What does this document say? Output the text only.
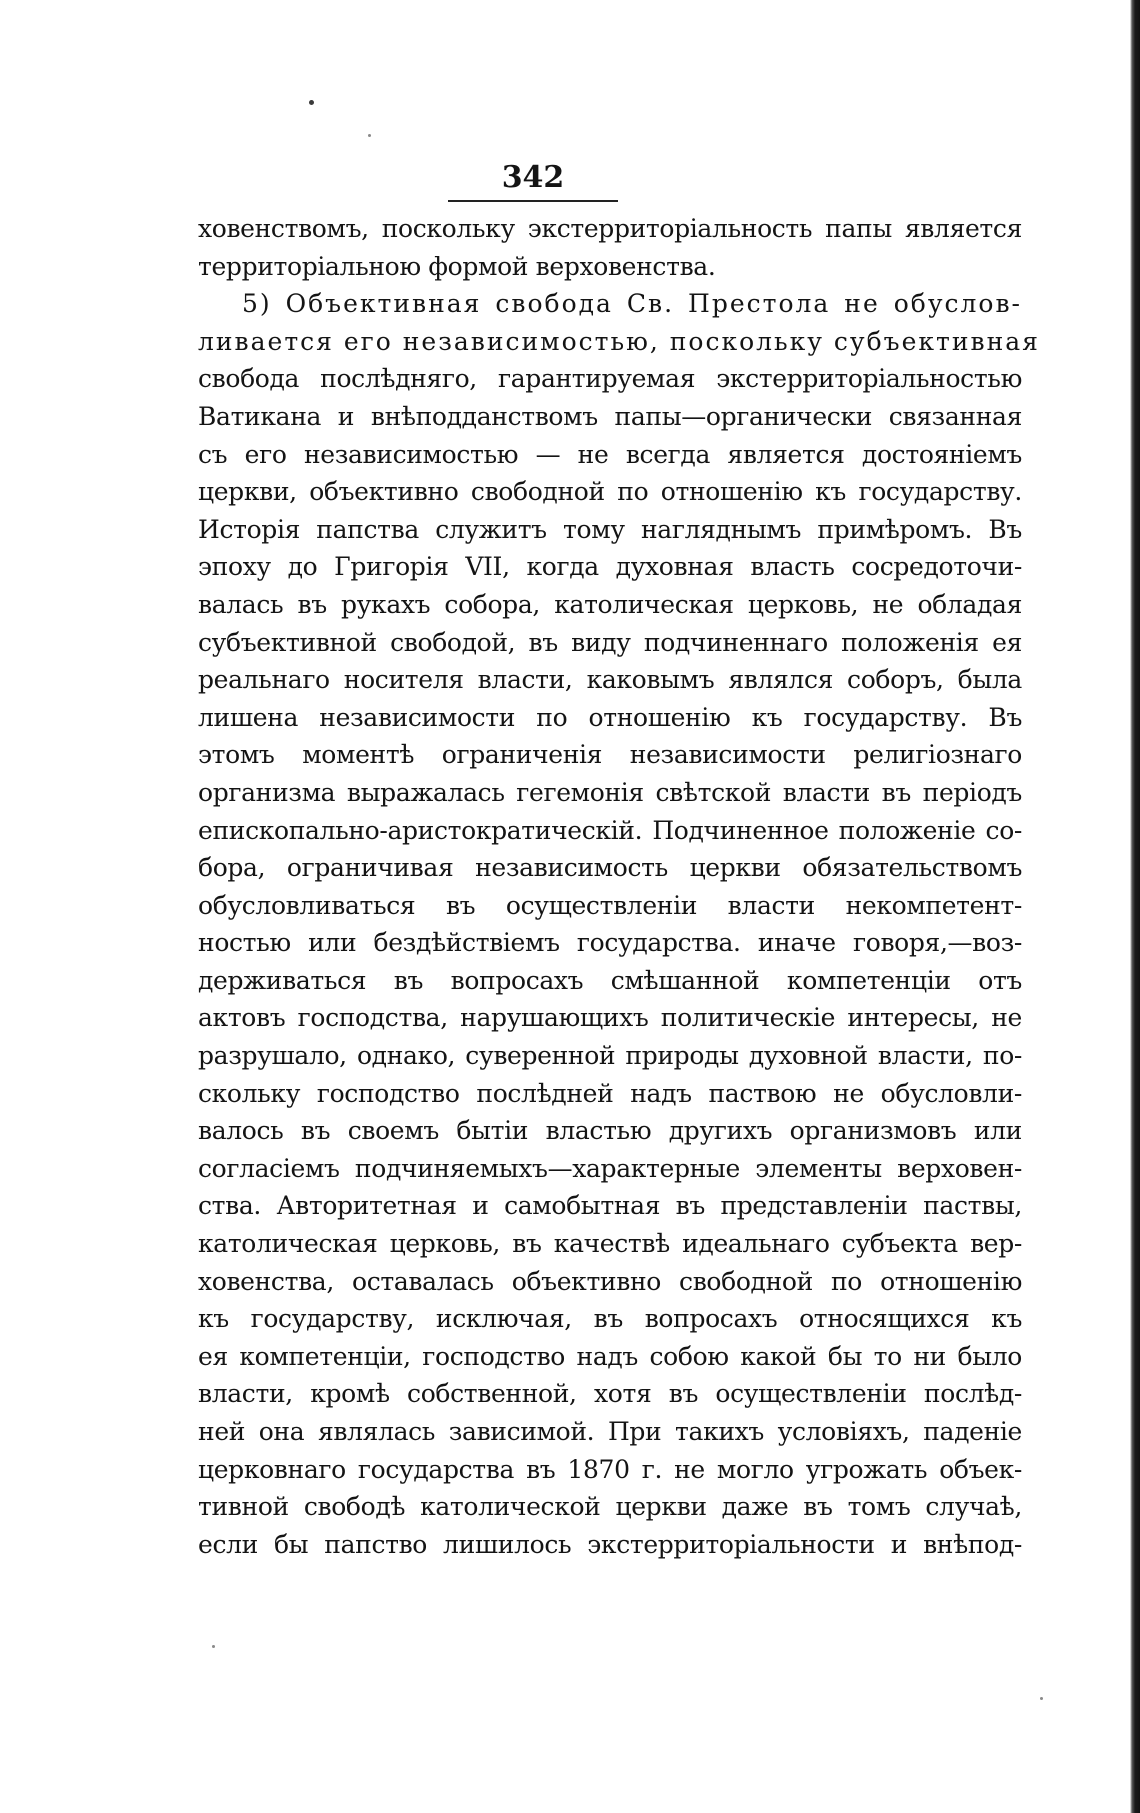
342
ховенствомъ, поскольку экстерриторіальность папы является
территоріальною формой верховенства.
5) Объективная свобода Св. Престола не обуслов-
ливается его независимостью, поскольку субъективная
свобода послѣдняго, гарантируемая экстерриторіальностью
Ватикана и внѣподданствомъ папы—органически связанная
съ его независимостью — не всегда является достояніемъ
церкви, объективно свободной по отношенію къ государству.
Исторія папства служитъ тому нагляднымъ примѣромъ. Въ
эпоху до Григорія VII, когда духовная власть сосредоточи-
валась въ рукахъ собора, католическая церковь, не обладая
субъективной свободой, въ виду подчиненнаго положенія ея
реальнаго носителя власти, каковымъ являлся соборъ, была
лишена независимости по отношенію къ государству. Въ
этомъ моментѣ ограниченія независимости религіознаго
организма выражалась гегемонія свѣтской власти въ періодъ
епископально-аристократическій. Подчиненное положеніе со-
бора, ограничивая независимость церкви обязательствомъ
обусловливаться въ осуществленіи власти некомпетент-
ностью или бездѣйствіемъ государства. иначе говоря,—воз-
держиваться въ вопросахъ смѣшанной компетенціи отъ
актовъ господства, нарушающихъ политическіе интересы, не
разрушало, однако, суверенной природы духовной власти, по-
скольку господство послѣдней надъ паствою не обусловли-
валось въ своемъ бытіи властью другихъ организмовъ или
согласіемъ подчиняемыхъ—характерные элементы верховен-
ства. Авторитетная и самобытная въ представленіи паствы,
католическая церковь, въ качествѣ идеальнаго субъекта вер-
ховенства, оставалась объективно свободной по отношенію
къ государству, исключая, въ вопросахъ относящихся къ
ея компетенціи, господство надъ собою какой бы то ни было
власти, кромѣ собственной, хотя въ осуществленіи послѣд-
ней она являлась зависимой. При такихъ условіяхъ, паденіе
церковнаго государства въ 1870 г. не могло угрожать объек-
тивной свободѣ католической церкви даже въ томъ случаѣ,
если бы папство лишилось экстерриторіальности и внѣпод-
